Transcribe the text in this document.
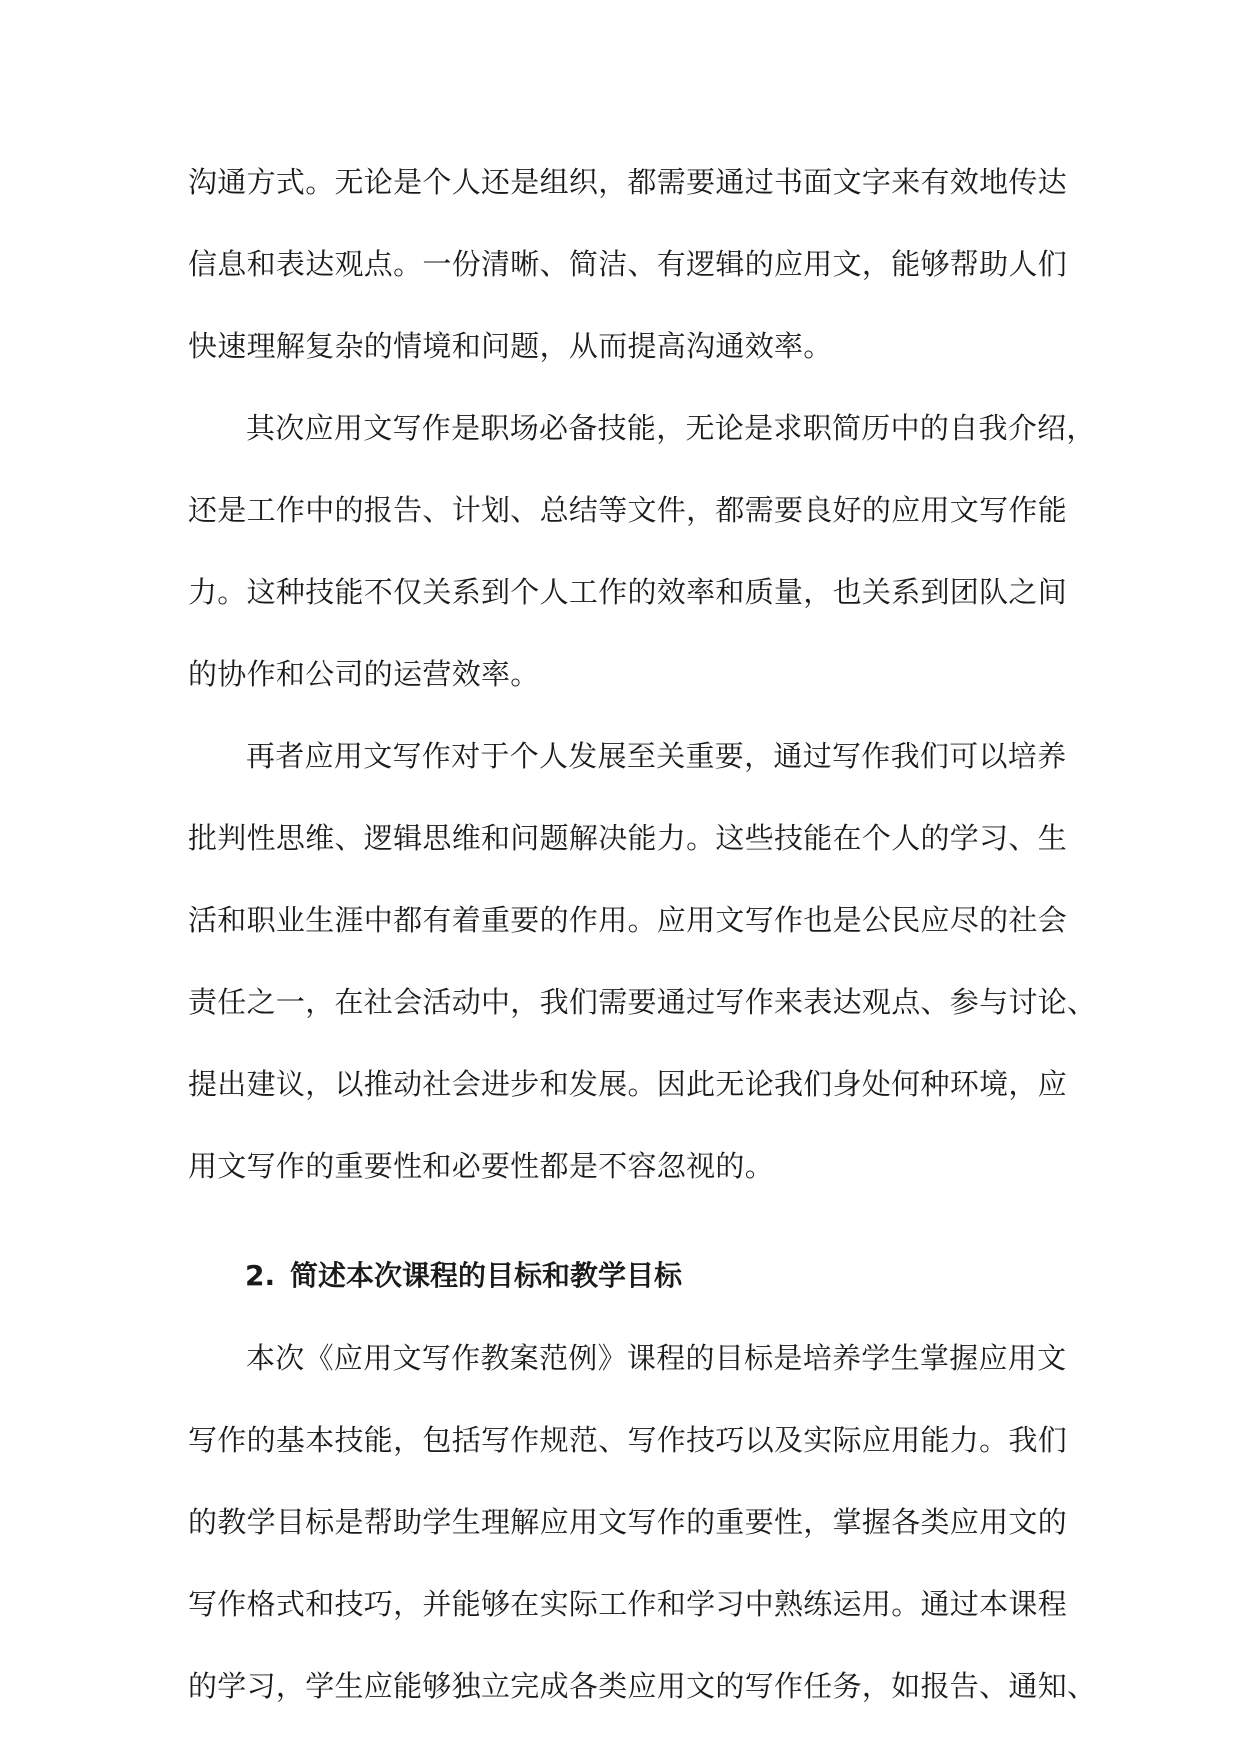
沟通方式。无论是个人还是组织，都需要通过书面文字来有效地传达
信息和表达观点。一份清晰、简洁、有逻辑的应用文，能够帮助人们
快速理解复杂的情境和问题，从而提高沟通效率。

其次应用文写作是职场必备技能，无论是求职简历中的自我介绍，
还是工作中的报告、计划、总结等文件，都需要良好的应用文写作能
力。这种技能不仅关系到个人工作的效率和质量，也关系到团队之间
的协作和公司的运营效率。

再者应用文写作对于个人发展至关重要，通过写作我们可以培养
批判性思维、逻辑思维和问题解决能力。这些技能在个人的学习、生
活和职业生涯中都有着重要的作用。应用文写作也是公民应尽的社会
责任之一，在社会活动中，我们需要通过写作来表达观点、参与讨论、
提出建议，以推动社会进步和发展。因此无论我们身处何种环境，应
用文写作的重要性和必要性都是不容忽视的。

2. 简述本次课程的目标和教学目标

本次《应用文写作教案范例》课程的目标是培养学生掌握应用文
写作的基本技能，包括写作规范、写作技巧以及实际应用能力。我们
的教学目标是帮助学生理解应用文写作的重要性，掌握各类应用文的
写作格式和技巧，并能够在实际工作和学习中熟练运用。通过本课程
的学习，学生应能够独立完成各类应用文的写作任务，如报告、通知、
